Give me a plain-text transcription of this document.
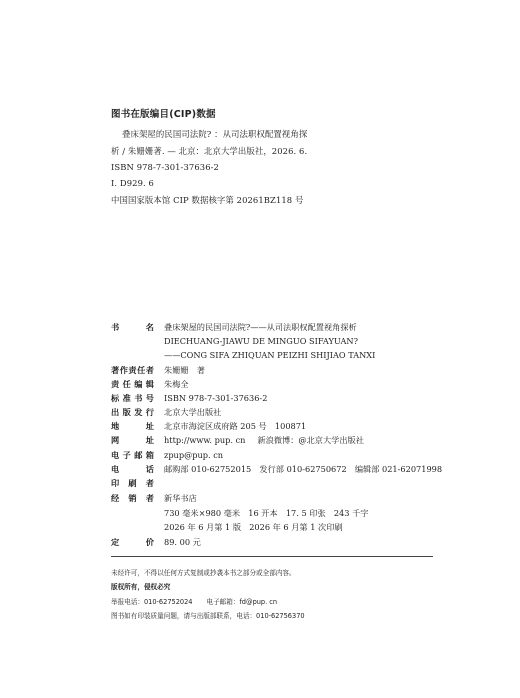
图书在版编目(CIP)数据
叠床架屋的民国司法院? ：从司法职权配置视角探
析 / 朱姗姗著. — 北京：北京大学出版社，2026. 6.
ISBN 978-7-301-37636-2
Ⅰ. D929. 6
中国国家版本馆 CIP 数据核字第 20261BZ118 号
书	名 叠床架屋的民国司法院?——从司法职权配置视角探析
DIECHUANG-JIAWU DE MINGUO SIFAYUAN?
——CONG SIFA ZHIQUAN PEIZHI SHIJIAO TANXI
著 作 责 任 者 朱姗姗　著
责 任 编 辑 朱梅全
标 准 书 号 ISBN 978-7-301-37636-2
出 版 发 行 北京大学出版社
地	址 北京市海淀区成府路 205 号　100871
网	址 http://www. pup. cn 新浪微博：@北京大学出版社
电 子 邮 箱 zpup@pup. cn
电	话 邮购部 010-62752015　发行部 010-62750672　编辑部 021-62071998
印 刷 者
经 销 者 新华书店
730 毫米×980 毫米　16 开本　17. 5 印张　243 千字
2026 年 6 月第 1 版　2026 年 6 月第 1 次印刷
定	价 89. 00 元
未经许可，不得以任何方式复制或抄袭本书之部分或全部内容。
版权所有，侵权必究
举报电话：010-62752024 电子邮箱：fd@pup. cn
图书如有印装质量问题，请与出版部联系，电话：010-62756370
